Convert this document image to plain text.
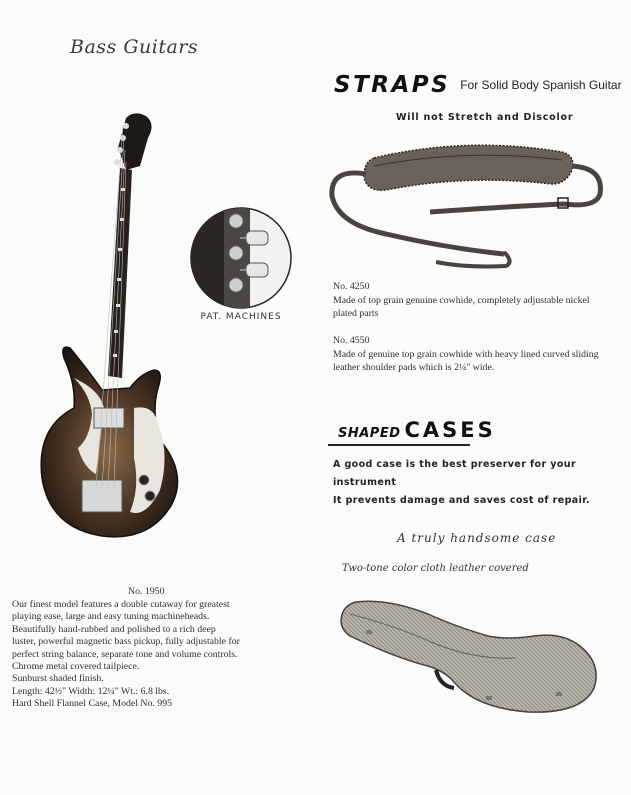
Bass Guitars
PAT. MACHINES
STRAPS For Solid Body Spanish Guitar
Will not Stretch and Discolor
No. 4250
Made of top grain genuine cowhide, completely adjustable nickel plated parts
No. 4550
Made of genuine top grain cowhide with heavy lined curved sliding leather shoulder pads which is 2¼" wide.
SHAPED CASES
A good case is the best preserver for your instrument
It prevents damage and saves cost of repair.
A truly handsome case
Two-tone color cloth leather covered
No. 1950
Our finest model features a double cutaway for greatest
playing ease, large and easy tuning machineheads.
Beautifully hand-rubbed and polished to a rich deep
luster, powerful magnetic bass pickup, fully adjustable for
perfect string balance, separate tone and volume controls.
Chrome metal covered tailpiece.
Sunburst shaded finish.
Length: 42½" Width: 12¼" Wt.: 6.8 lbs.
Hard Shell Flannel Case, Model No. 995
